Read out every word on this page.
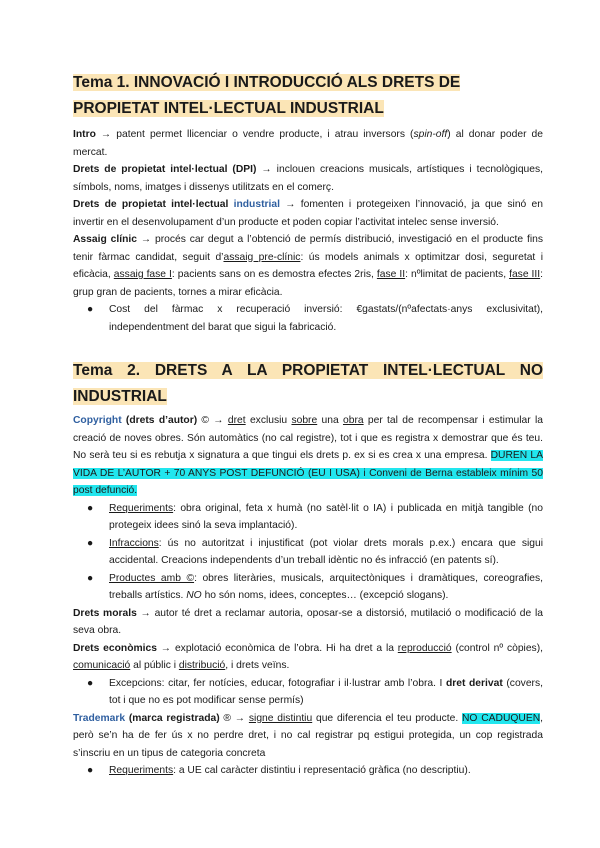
Tema 1. INNOVACIÓ I INTRODUCCIÓ ALS DRETS DE PROPIETAT INTEL·LECTUAL INDUSTRIAL

Intro → patent permet llicenciar o vendre producte, i atrau inversors (spin-off) al donar poder de mercat.

Drets de propietat intel·lectual (DPI) → inclouen creacions musicals, artístiques i tecnològiques, símbols, noms, imatges i dissenys utilitzats en el comerç.

Drets de propietat intel·lectual industrial → fomenten i protegeixen l’innovació, ja que sinó en invertir en el desenvolupament d’un producte et poden copiar l’activitat intelec sense inversió.

Assaig clínic → procés car degut a l’obtenció de permís distribució, investigació en el producte fins tenir fàrmac candidat, seguit d’assaig pre-clínic: ús models animals x optimitzar dosi, seguretat i eficàcia, assaig fase I: pacients sans on es demostra efectes 2ris, fase II: nºlimitat de pacients, fase III: grup gran de pacients, tornes a mirar eficàcia.

● Cost del fàrmac x recuperació inversió: €gastats/(nºafectats·anys exclusivitat), independentment del barat que sigui la fabricació.
Tema 2. DRETS A LA PROPIETAT INTEL·LECTUAL NO INDUSTRIAL

Copyright (drets d’autor) © → dret exclusiu sobre una obra per tal de recompensar i estimular la creació de noves obres. Són automàtics (no cal registre), tot i que es registra x demostrar que és teu. No serà teu si es rebutja x signatura a que tingui els drets p. ex si es creа x una empresa. DUREN LA VIDA DE L’AUTOR + 70 ANYS POST DEFUNCIÓ (EU I USA) i Conveni de Berna estableix mínim 50 post defunció.

● Requeriments: obra original, feta x humà (no satèl·lit o IA) i publicada en mitjà tangible (no protegeix idees sinó la seva implantació).
● Infraccions: ús no autoritzat i injustificat (pot violar drets morals p.ex.) encara que sigui accidental. Creacions independents d’un treball idèntic no és infracció (en patents sí).
● Productes amb ©: obres literàries, musicals, arquitectòniques i dramàtiques, coreografies, treballs artístics. NO ho són noms, idees, conceptes… (excepció slogans).

Drets morals → autor té dret a reclamar autoria, oposar-se a distorsió, mutilació o modificació de la seva obra.

Drets econòmics → explotació econòmica de l’obra. Hi ha dret a la reproducció (control nº còpies), comunicació al públic i distribució, i drets veïns.

● Excepcions: citar, fer notícies, educar, fotografiar i il·lustrar amb l’obra. I dret derivat (covers, tot i que no es pot modificar sense permís)

Trademark (marca registrada) ® → signe distintiu que diferencia el teu producte. NO CADUQUEN, però se’n ha de fer ús x no perdre dret, i no cal registrar pq estigui protegida, un cop registrada s’inscriu en un tipus de categoria concreta

● Requeriments: a UE cal caràcter distintiu i representació gràfica (no descriptiu).
